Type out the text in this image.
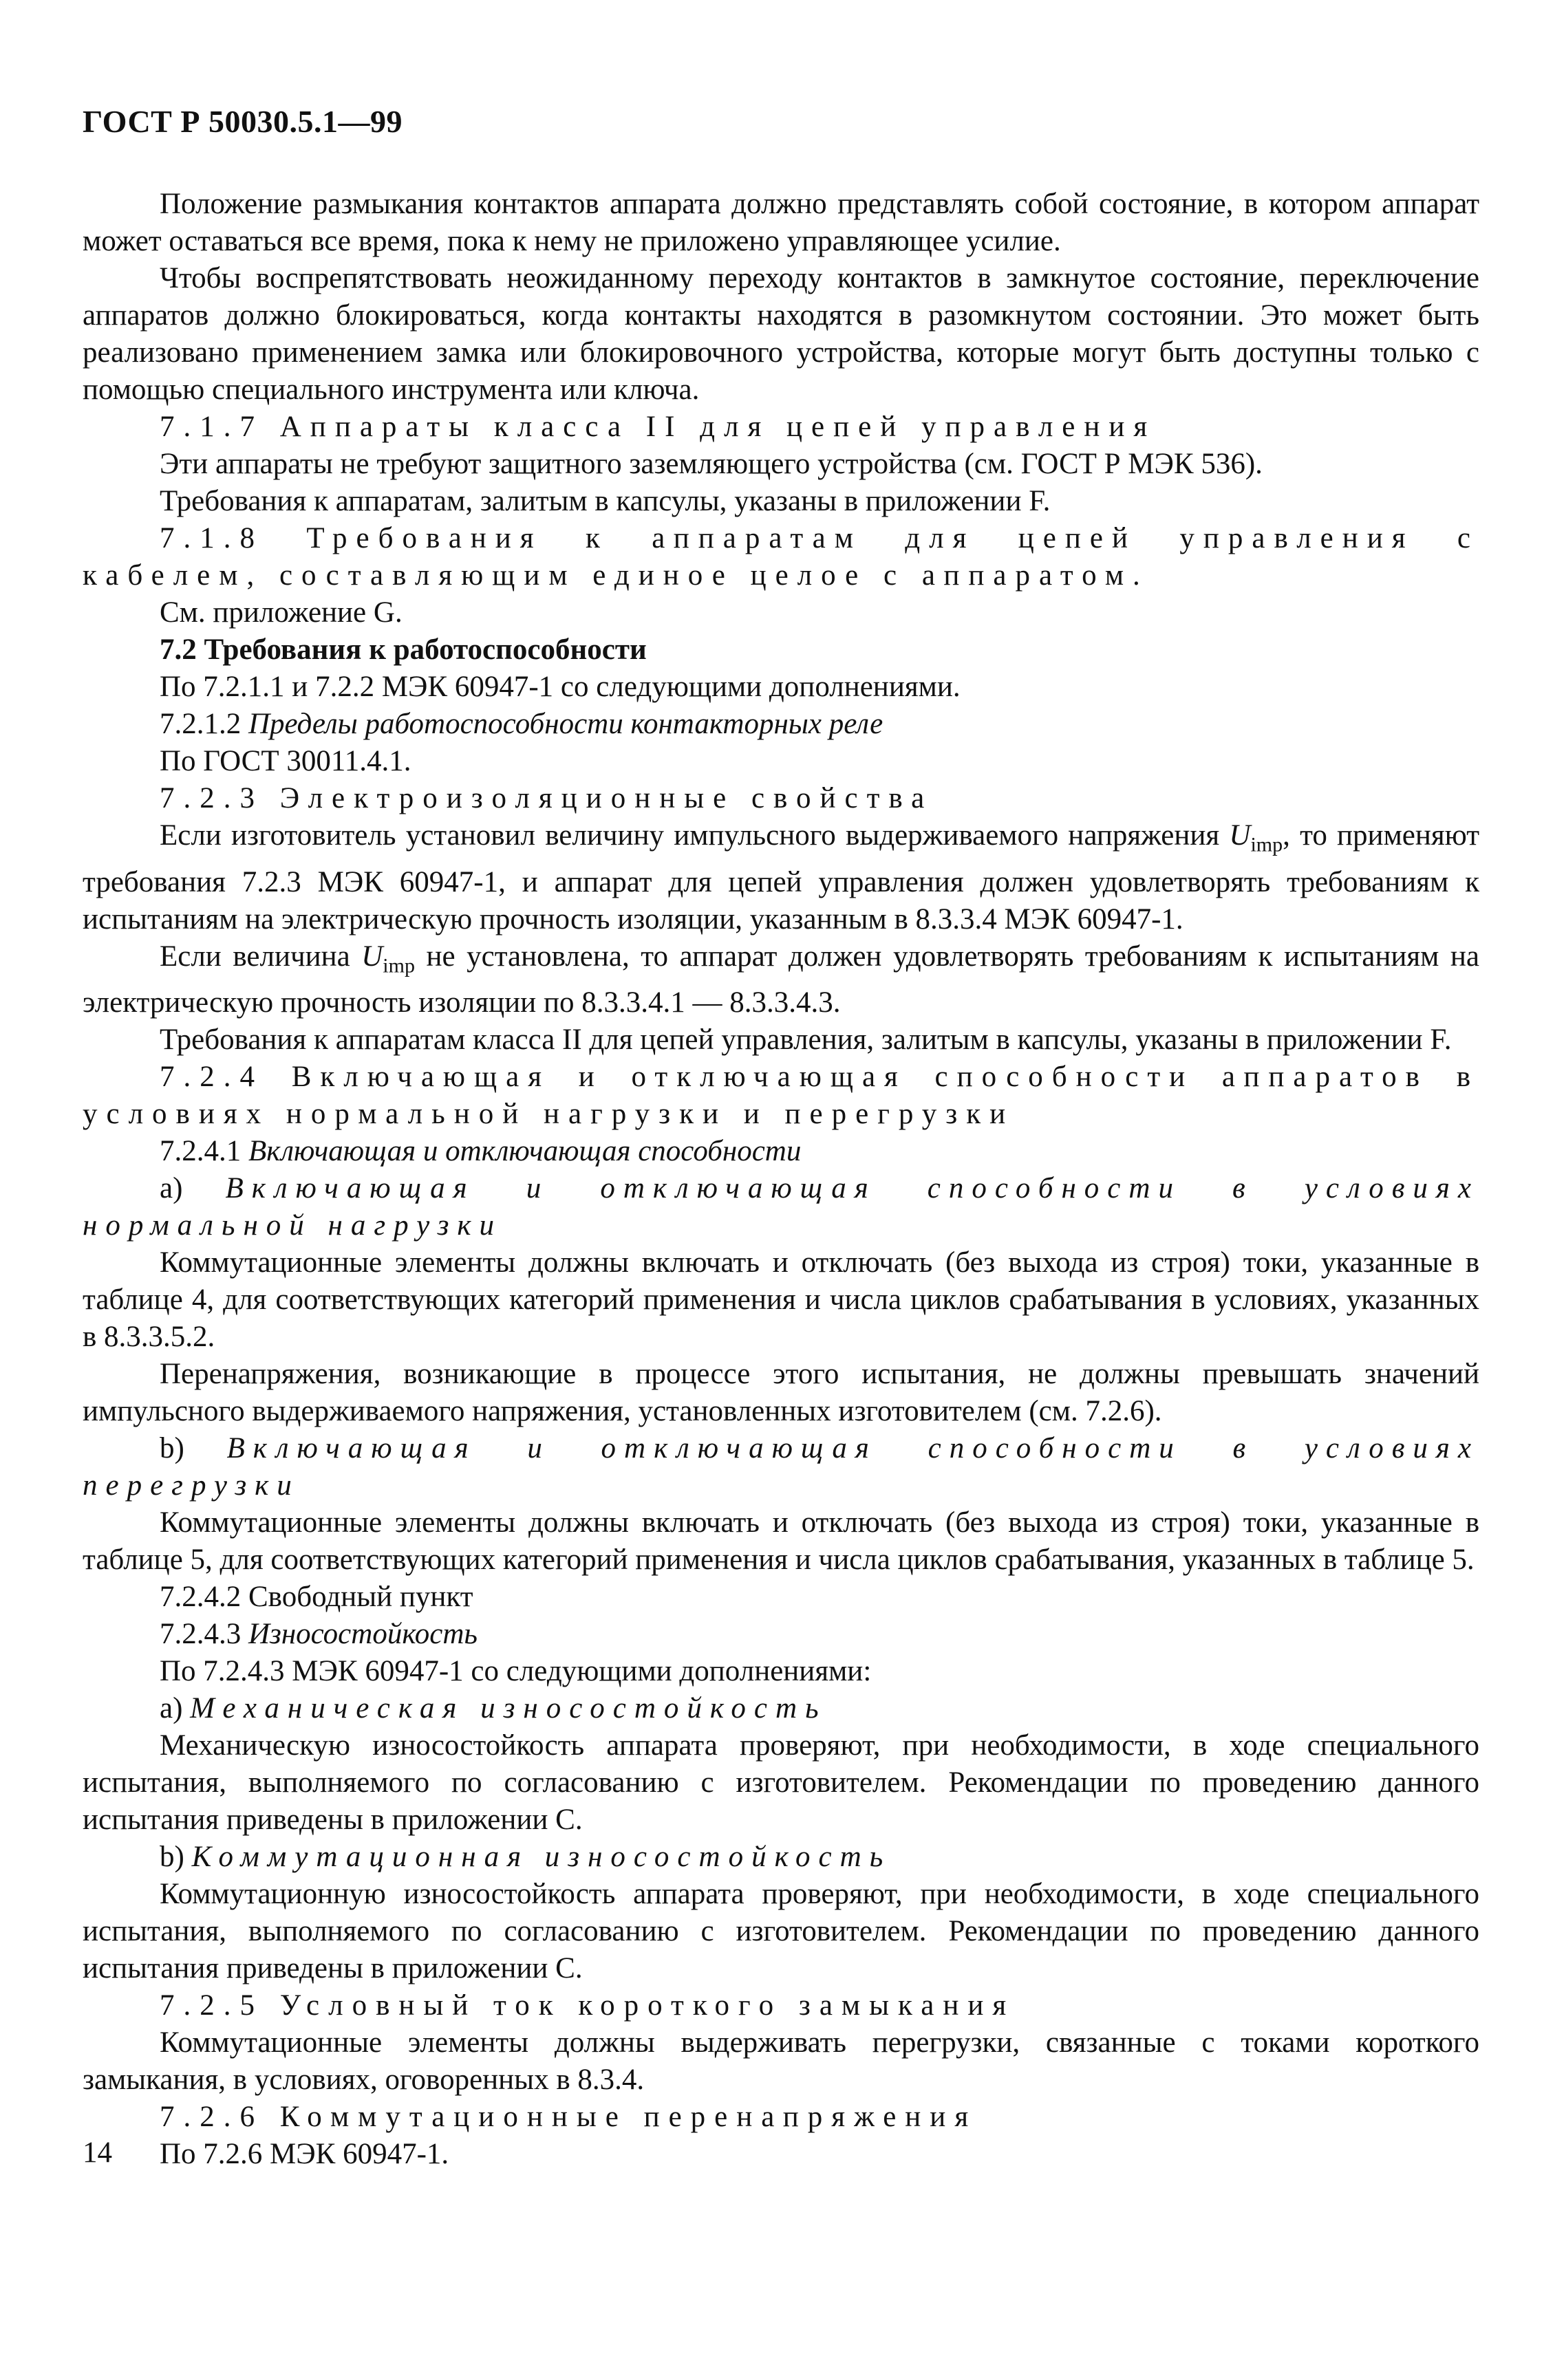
ГОСТ Р 50030.5.1—99

Положение размыкания контактов аппарата должно представлять собой состояние, в котором аппарат может оставаться все время, пока к нему не приложено управляющее усилие.

Чтобы воспрепятствовать неожиданному переходу контактов в замкнутое состояние, переключение аппаратов должно блокироваться, когда контакты находятся в разомкнутом состоянии. Это может быть реализовано применением замка или блокировочного устройства, которые могут быть доступны только с помощью специального инструмента или ключа.

7.1.7 Аппараты класса II для цепей управления

Эти аппараты не требуют защитного заземляющего устройства (см. ГОСТ Р МЭК 536).

Требования к аппаратам, залитым в капсулы, указаны в приложении F.

7.1.8 Требования к аппаратам для цепей управления с кабелем, составляющим единое целое с аппаратом.

См. приложение G.

7.2 Требования к работоспособности

По 7.2.1.1 и 7.2.2 МЭК 60947-1 со следующими дополнениями.

7.2.1.2 Пределы работоспособности контакторных реле

По ГОСТ 30011.4.1.

7.2.3 Электроизоляционные свойства

Если изготовитель установил величину импульсного выдерживаемого напряжения $U_{imp}$, то применяют требования 7.2.3 МЭК 60947-1, и аппарат для цепей управления должен удовлетворять требованиям к испытаниям на электрическую прочность изоляции, указанным в 8.3.3.4 МЭК 60947-1.

Если величина $U_{imp}$ не установлена, то аппарат должен удовлетворять требованиям к испытаниям на электрическую прочность изоляции по 8.3.3.4.1 — 8.3.3.4.3.

Требования к аппаратам класса II для цепей управления, залитым в капсулы, указаны в приложении F.

7.2.4 Включающая и отключающая способности аппаратов в условиях нормальной нагрузки и перегрузки

7.2.4.1 Включающая и отключающая способности

a) Включающая и отключающая способности в условиях нормальной нагрузки

Коммутационные элементы должны включать и отключать (без выхода из строя) токи, указанные в таблице 4, для соответствующих категорий применения и числа циклов срабатывания в условиях, указанных в 8.3.3.5.2.

Перенапряжения, возникающие в процессе этого испытания, не должны превышать значений импульсного выдерживаемого напряжения, установленных изготовителем (см. 7.2.6).

b) Включающая и отключающая способности в условиях перегрузки

Коммутационные элементы должны включать и отключать (без выхода из строя) токи, указанные в таблице 5, для соответствующих категорий применения и числа циклов срабатывания, указанных в таблице 5.

7.2.4.2 Свободный пункт

7.2.4.3 Износостойкость

По 7.2.4.3 МЭК 60947-1 со следующими дополнениями:

a) Механическая износостойкость

Механическую износостойкость аппарата проверяют, при необходимости, в ходе специального испытания, выполняемого по согласованию с изготовителем. Рекомендации по проведению данного испытания приведены в приложении С.

b) Коммутационная износостойкость

Коммутационную износостойкость аппарата проверяют, при необходимости, в ходе специального испытания, выполняемого по согласованию с изготовителем. Рекомендации по проведению данного испытания приведены в приложении С.

7.2.5 Условный ток короткого замыкания

Коммутационные элементы должны выдерживать перегрузки, связанные с токами короткого замыкания, в условиях, оговоренных в 8.3.4.

7.2.6 Коммутационные перенапряжения

По 7.2.6 МЭК 60947-1.

14
